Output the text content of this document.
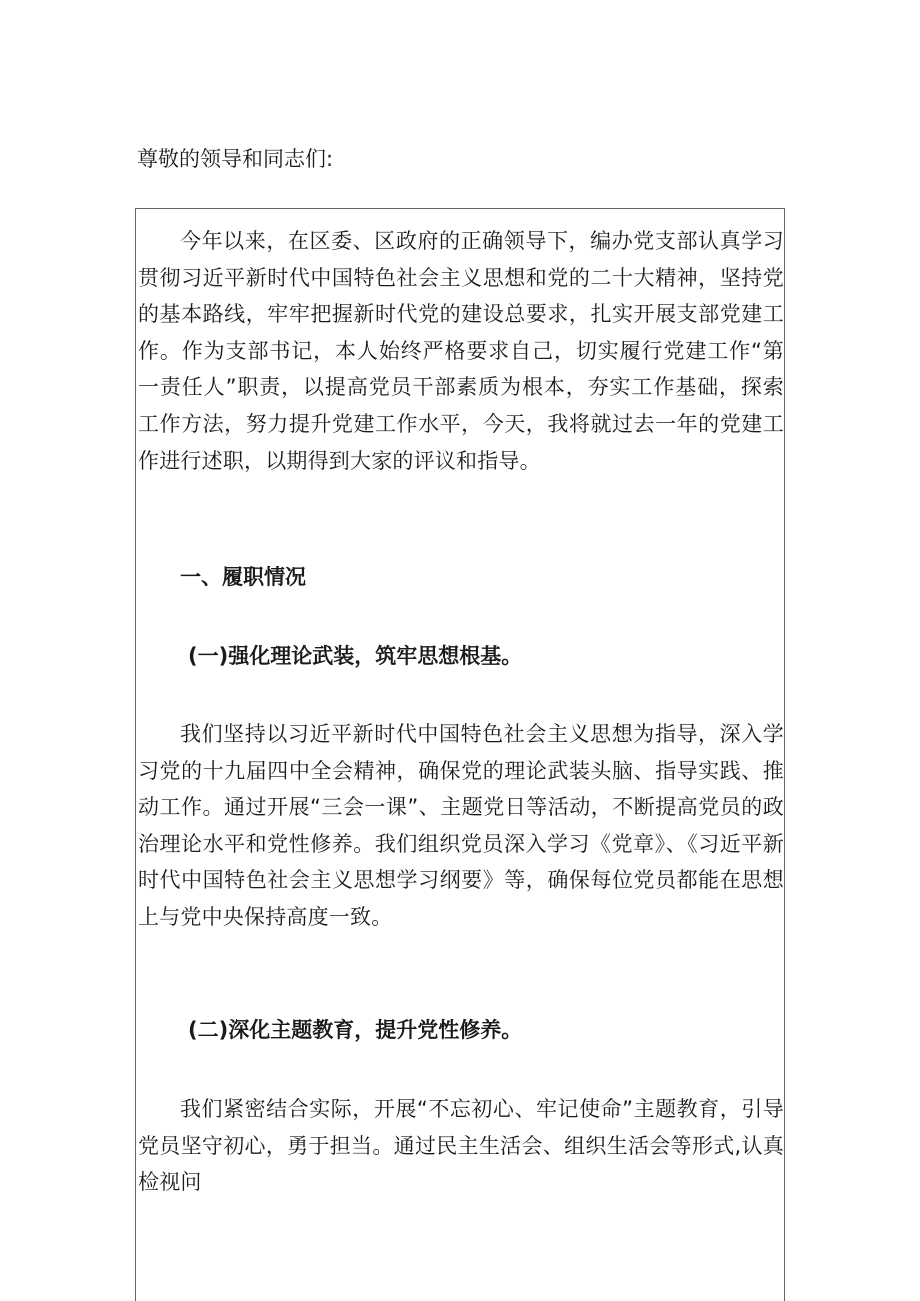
尊敬的领导和同志们:

今年以来，在区委、区政府的正确领导下，编办党支部认真学习贯彻习近平新时代中国特色社会主义思想和党的二十大精神，坚持党的基本路线，牢牢把握新时代党的建设总要求，扎实开展支部党建工作。作为支部书记，本人始终严格要求自己，切实履行党建工作“第一责任人”职责，以提高党员干部素质为根本，夯实工作基础，探索工作方法，努力提升党建工作水平，今天，我将就过去一年的党建工作进行述职，以期得到大家的评议和指导。

一、履职情况

(一)强化理论武装，筑牢思想根基。

我们坚持以习近平新时代中国特色社会主义思想为指导，深入学习党的十九届四中全会精神，确保党的理论武装头脑、指导实践、推动工作。通过开展“三会一课”、主题党日等活动，不断提高党员的政治理论水平和党性修养。我们组织党员深入学习《党章》、《习近平新时代中国特色社会主义思想学习纲要》等，确保每位党员都能在思想上与党中央保持高度一致。

(二)深化主题教育，提升党性修养。

我们紧密结合实际，开展“不忘初心、牢记使命”主题教育，引导党员坚守初心，勇于担当。通过民主生活会、组织生活会等形式,认真检视问
